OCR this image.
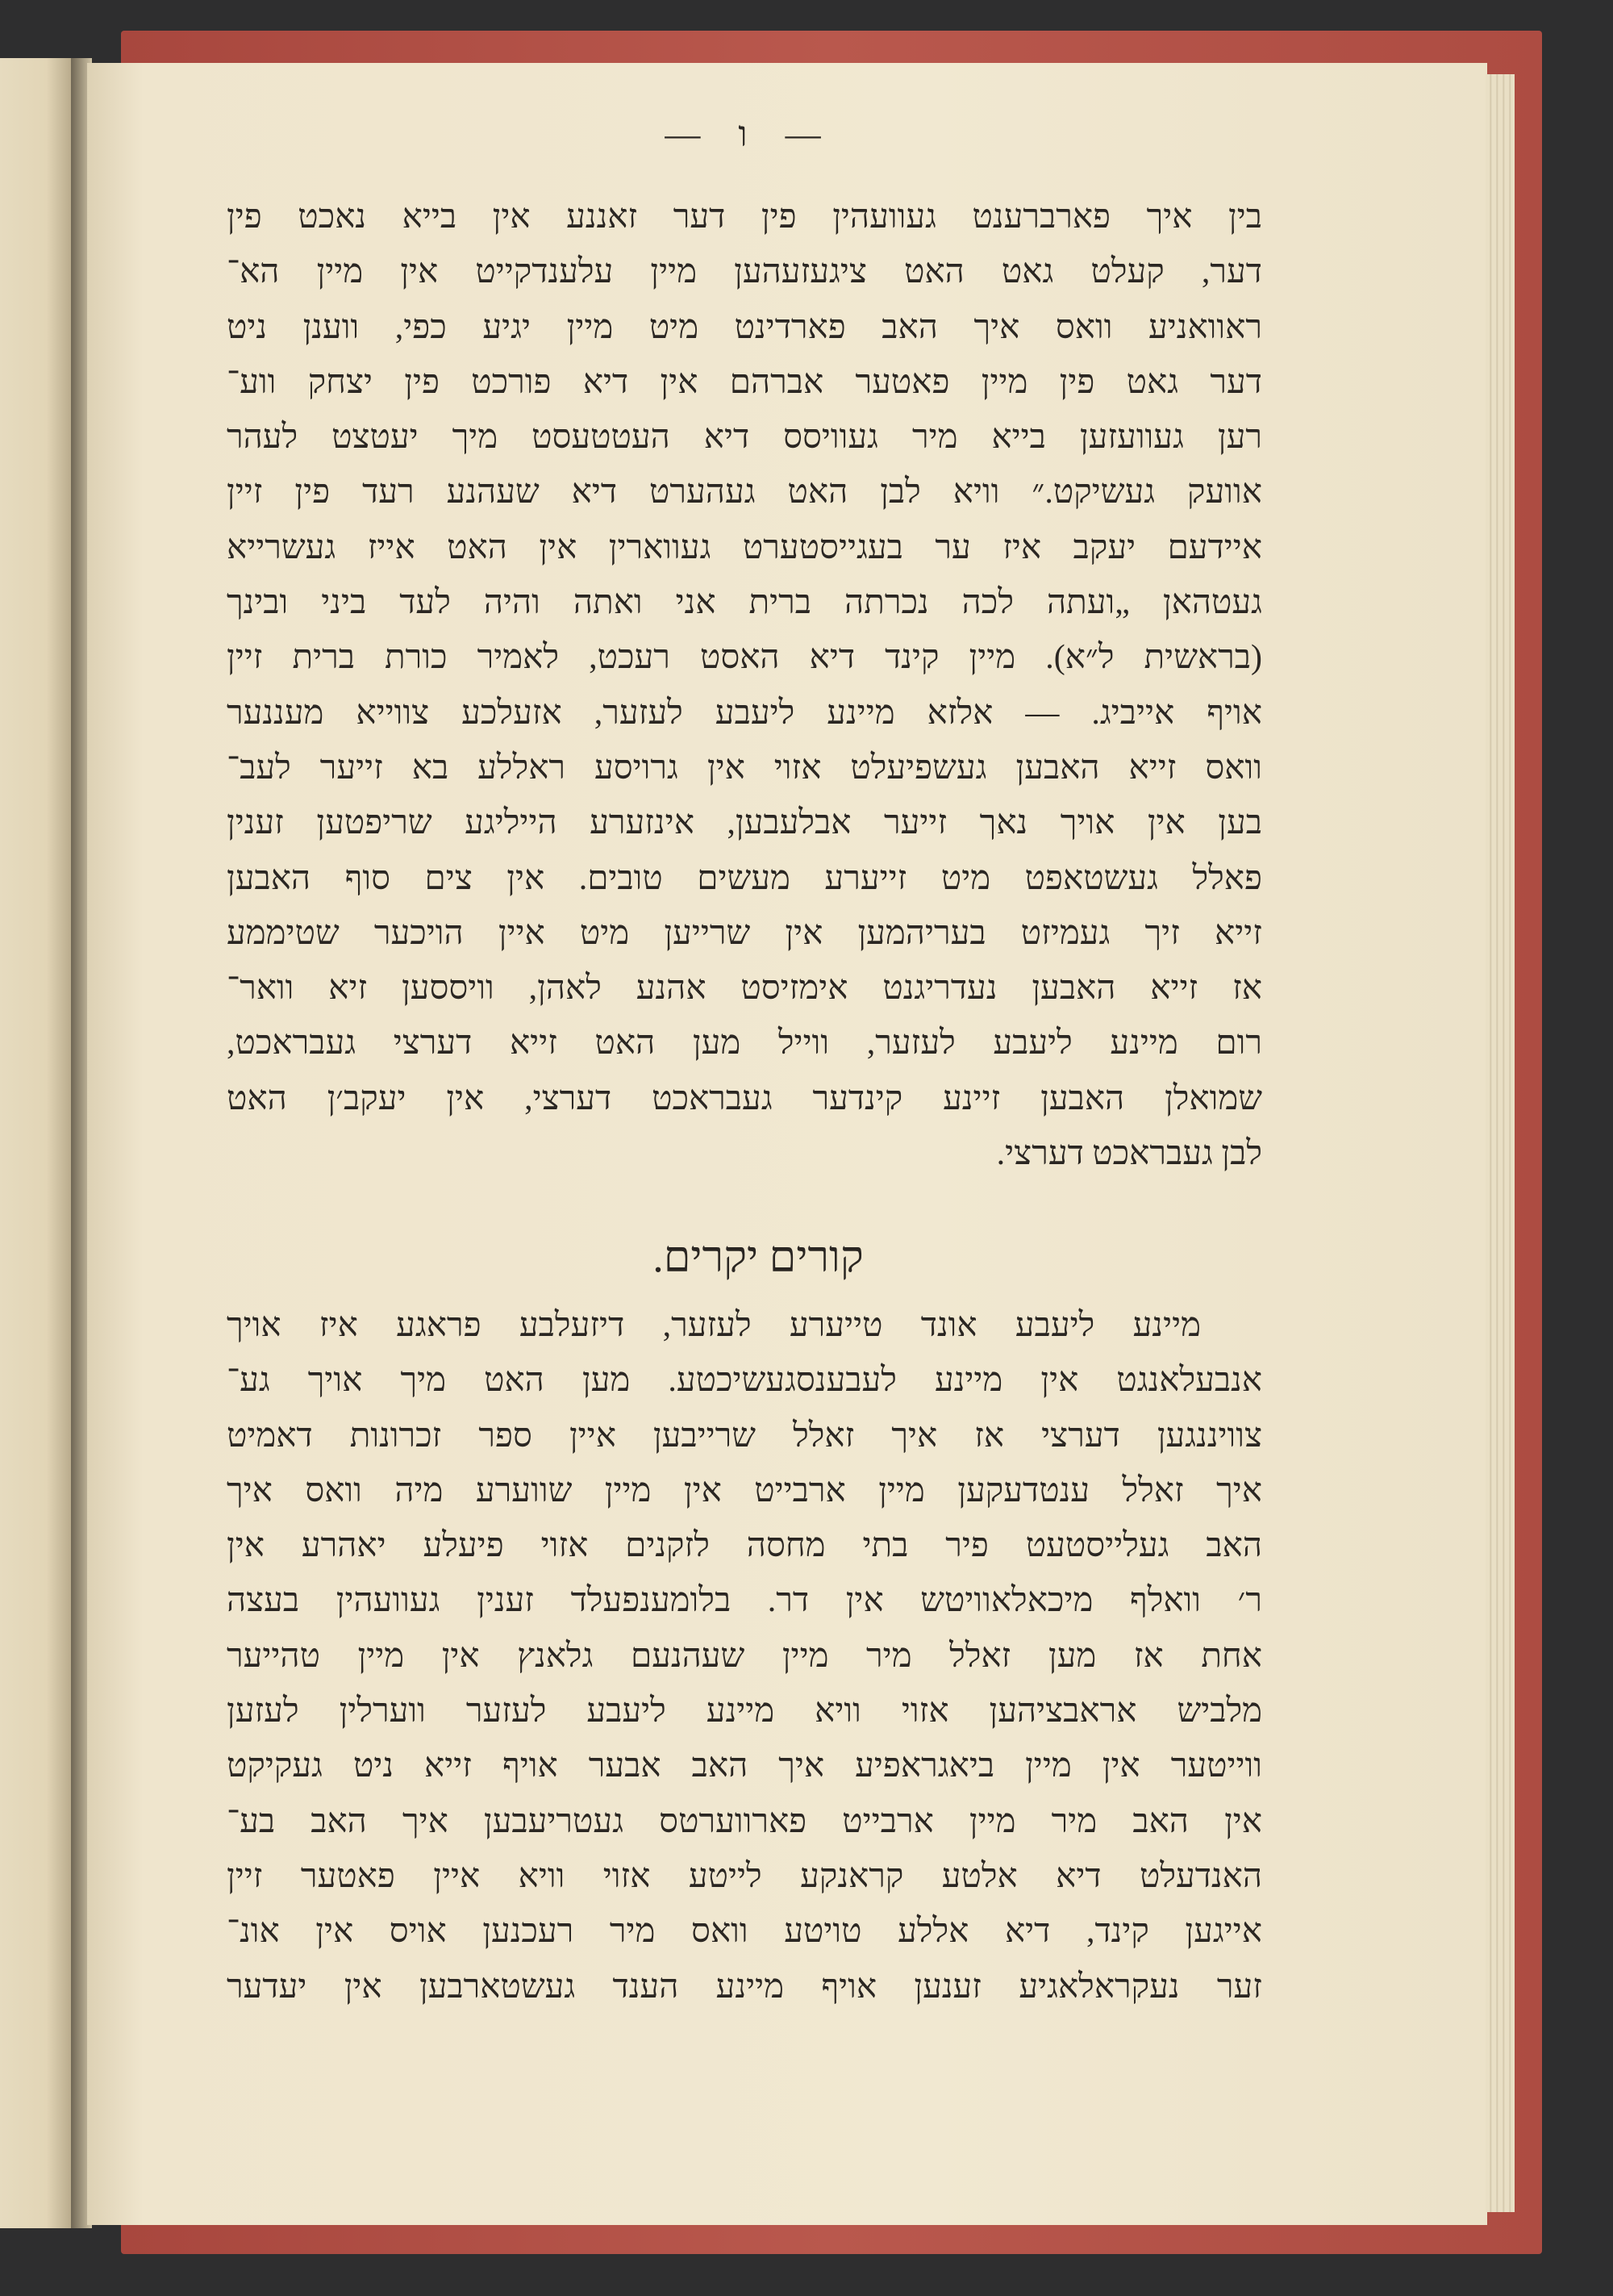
— ו —
בין איך פארברענט געוועהין פין דער זאננע אין בייא נאכט פין
דער, קעלט גאט האט ציגעזעהען מיין עלענדקייט אין מיין הא־
ראוואניע וואס איך האב פארדינט מיט מיין יגיע כפי, ווענן ניט
דער גאט פין מיין פאטער אברהם אין דיא פורכט פין יצחק ווע־
רען געוועזען בייא מיר געוויסס דיא העטטעסט מיך יעטצט לעהר
אוועק געשיקט.״ וויא לבן האט געהערט דיא שעהנע רעד פין זיין
איידעם יעקב איז ער בעגייסטערט געווארין אין האט אייז געשרייא
געטהאן „ועתה לכה נכרתה ברית אני ואתה והיה לעד ביני ובינך
(בראשית ל״א). מיין קינד דיא האסט רעכט, לאמיר כורת ברית זיין
אויף אייביג. — אלזא מיינע ליעבע לעזער, אזעלכע צווייא מעננער
וואס זייא האבען געשפיעלט אזוי אין גרויסע ראללע בא זייער לעב־
בען אין אויך נאך זייער אבלעבען, אינזערע הייליגע שריפטען זענין
פאלל געשטאפט מיט זייערע מעשים טובים. אין צים סוף האבען
זייא זיך געמיזט בעריהמען אין שרייען מיט איין הויכער שטיממע
אז זייא האבען נעדריגנט אימזיסט אהנע לאהן, וויססען זיא וואר־
רום מיינע ליעבע לעזער, ווייל מען האט זייא דערצי געבראכט,
שמואלן האבען זיינע קינדער געבראכט דערצי, אין יעקב׳ן האט
לבן געבראכט דערצי.
קורים יקרים.
מיינע ליעבע אונד טייערע לעזער, דיזעלבע פראגע איז אויך
אנבעלאנגט אין מיינע לעבענסגעשיכטע. מען האט מיך אויך גע־
צוויננגען דערצי אז איך זאלל שרייבען איין ספר זכרונות דאמיט
איך זאלל ענטדעקען מיין ארבייט אין מיין שווערע מיה וואס איך
האב געלייסטעט פיר בתי מחסה לזקנים אזוי פיעלע יאהרע אין
ר׳ וואלף מיכאלאוויטש אין דר. בלומענפעלד זענין געוועהין בעצה
אחת אז מען זאלל מיר מיין שעהנעם גלאנץ אין מיין טהייער
מלביש אראבציהען אזוי וויא מיינע ליעבע לעזער ווערלין לעזען
ווייטער אין מיין ביאגראפיע איך האב אבער אויף זייא ניט געקיקט
אין האב מיר מיין ארבייט פארווערטס געטריעבען איך האב בע־
האנדעלט דיא אלטע קראנקע לייטע אזוי וויא איין פאטער זיין
אייגען קינד, דיא אללע טויטע וואס מיר רעכנען אויס אין אונ־
זער נעקראלאגיע זענען אויף מיינע הענד געשטארבען אין יעדער
